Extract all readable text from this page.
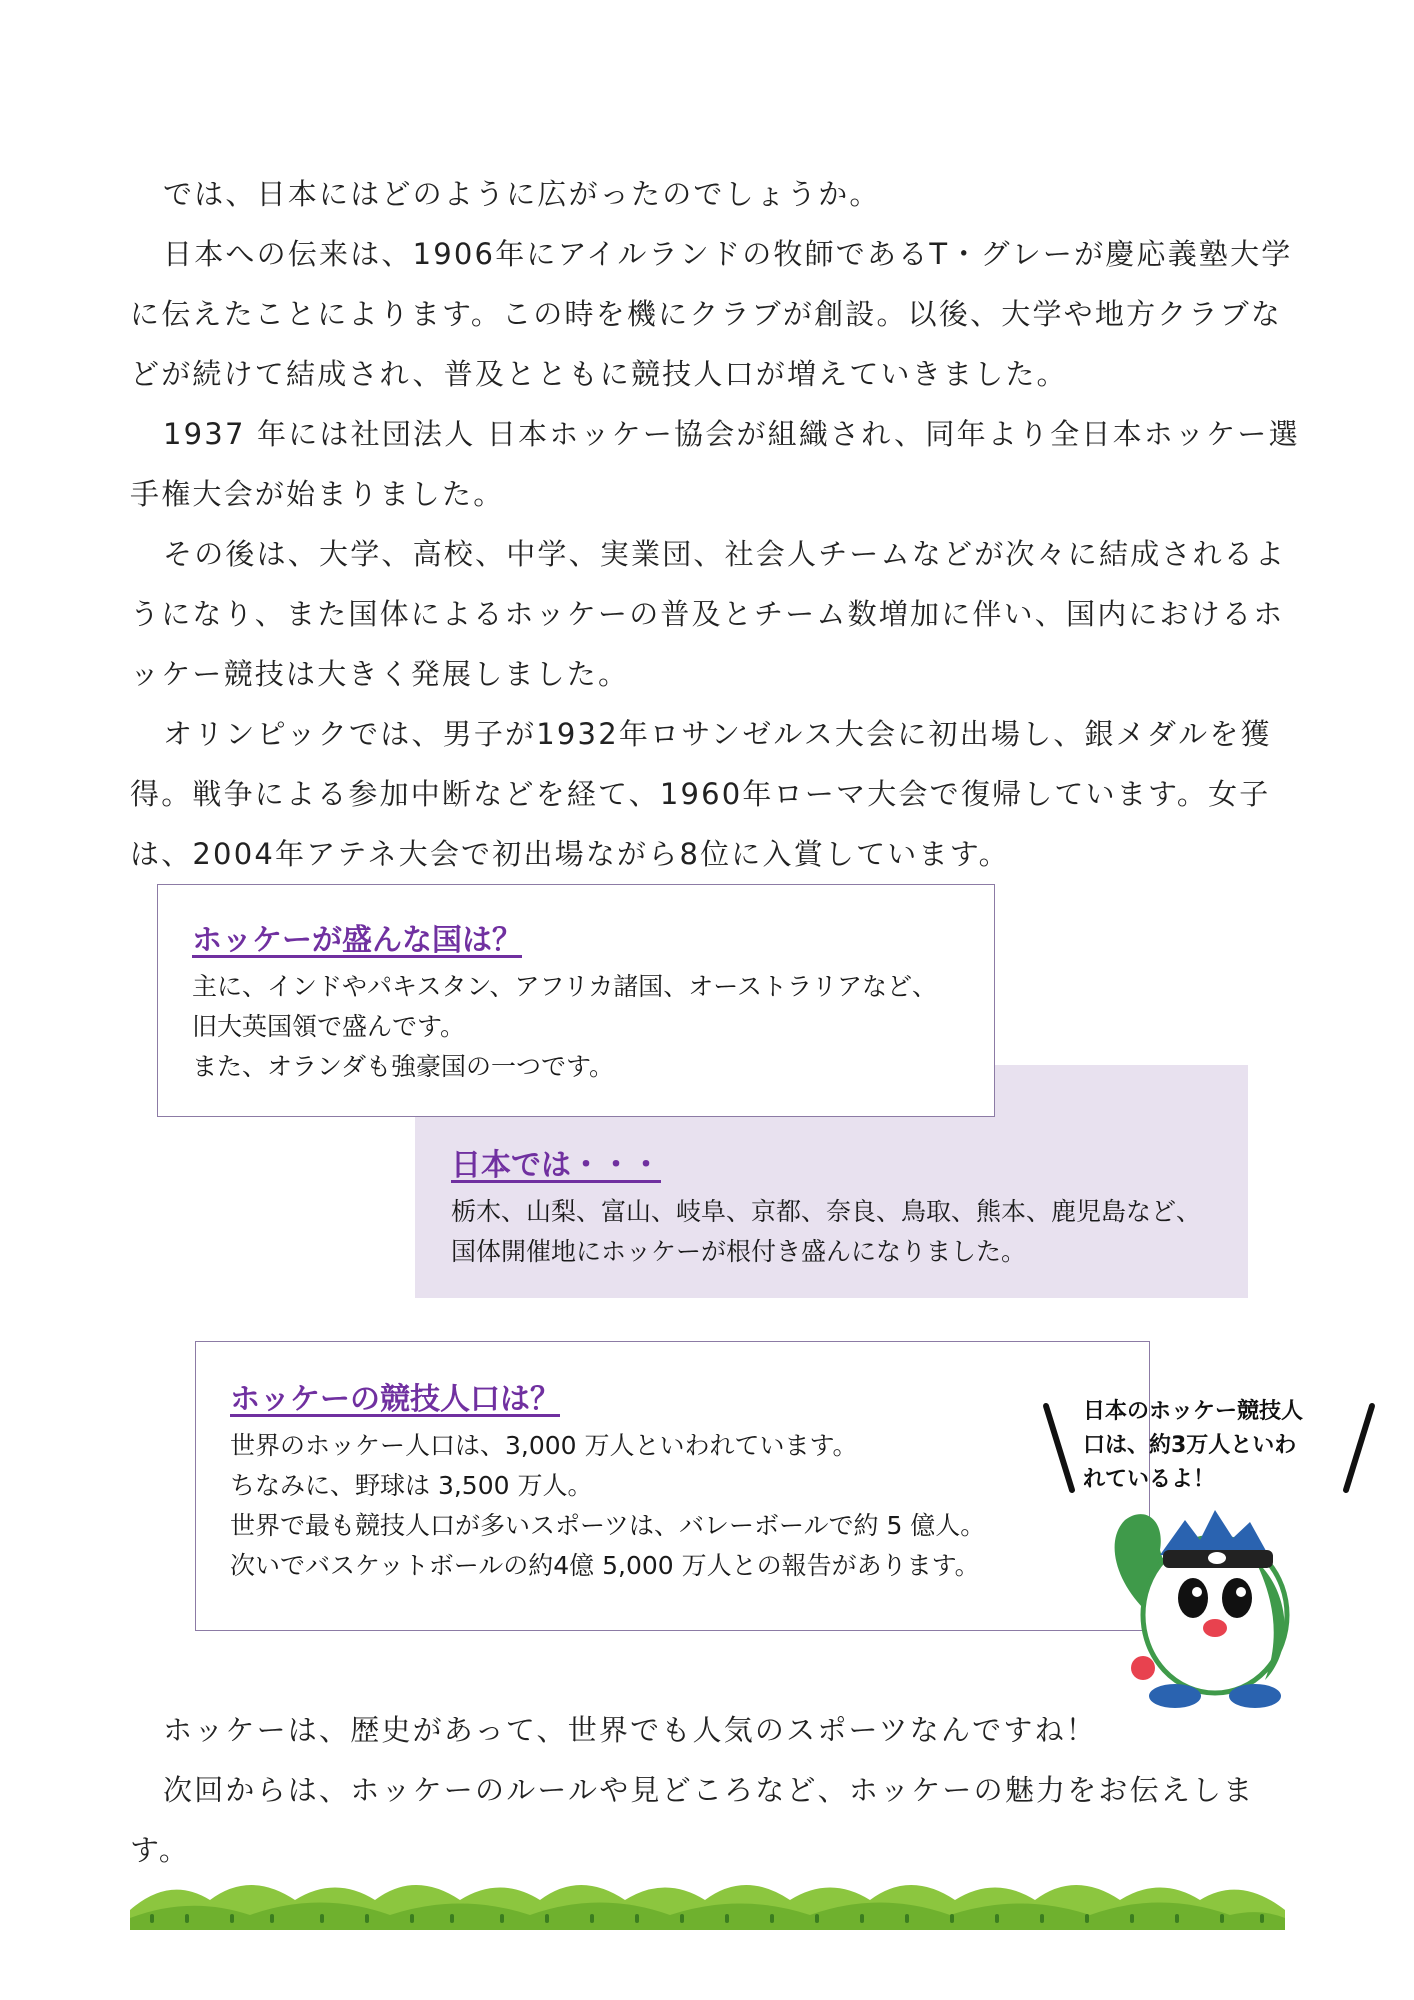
では、日本にはどのように広がったのでしょうか。

日本への伝来は、1906年にアイルランドの牧師であるT・グレーが慶応義塾大学に伝えたことによります。この時を機にクラブが創設。以後、大学や地方クラブなどが続けて結成され、普及とともに競技人口が増えていきました。

1937 年には社団法人 日本ホッケー協会が組織され、同年より全日本ホッケー選手権大会が始まりました。

その後は、大学、高校、中学、実業団、社会人チームなどが次々に結成されるようになり、また国体によるホッケーの普及とチーム数増加に伴い、国内におけるホッケー競技は大きく発展しました。

オリンピックでは、男子が1932年ロサンゼルス大会に初出場し、銀メダルを獲得。戦争による参加中断などを経て、1960年ローマ大会で復帰しています。女子は、2004年アテネ大会で初出場ながら8位に入賞しています。

ホッケーが盛んな国は？

主に、インドやパキスタン、アフリカ諸国、オーストラリアなど、

旧大英国領で盛んです。

また、オランダも強豪国の一つです。

日本では・・・

栃木、山梨、富山、岐阜、京都、奈良、鳥取、熊本、鹿児島など、

国体開催地にホッケーが根付き盛んになりました。

ホッケーの競技人口は？

世界のホッケー人口は、3,000 万人といわれています。

ちなみに、野球は 3,500 万人。

世界で最も競技人口が多いスポーツは、バレーボールで約 5 億人。

次いでバスケットボールの約4億 5,000 万人との報告があります。

日本のホッケー競技人
口は、約3万人といわ
れているよ！

ホッケーは、歴史があって、世界でも人気のスポーツなんですね！

次回からは、ホッケーのルールや見どころなど、ホッケーの魅力をお伝えします。
